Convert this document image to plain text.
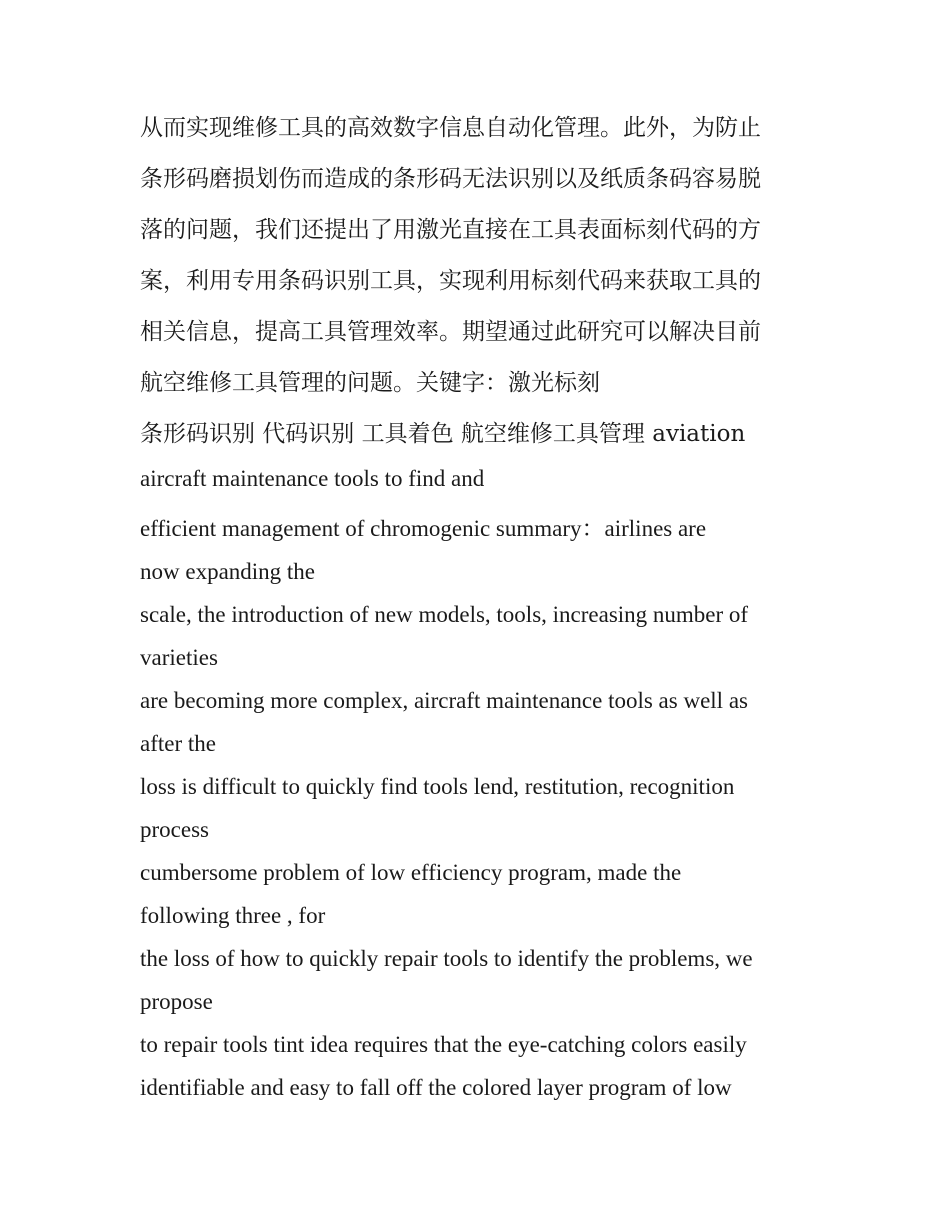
从而实现维修工具的高效数字信息自动化管理。此外，为防止

条形码磨损划伤而造成的条形码无法识别以及纸质条码容易脱

落的问题，我们还提出了用激光直接在工具表面标刻代码的方

案，利用专用条码识别工具，实现利用标刻代码来获取工具的

相关信息，提高工具管理效率。期望通过此研究可以解决目前

航空维修工具管理的问题。关键字：激光标刻

条形码识别 代码识别 工具着色 航空维修工具管理 aviation

aircraft maintenance tools to find and

efficient management of chromogenic summary：airlines are

now expanding the

scale, the introduction of new models, tools, increasing number of

varieties

are becoming more complex, aircraft maintenance tools as well as

after the

loss is difficult to quickly find tools lend, restitution, recognition

process

cumbersome problem of low efficiency program, made the

following three , for

the loss of how to quickly repair tools to identify the problems, we

propose

to repair tools tint idea requires that the eye-catching colors easily

identifiable and easy to fall off the colored layer program of low
